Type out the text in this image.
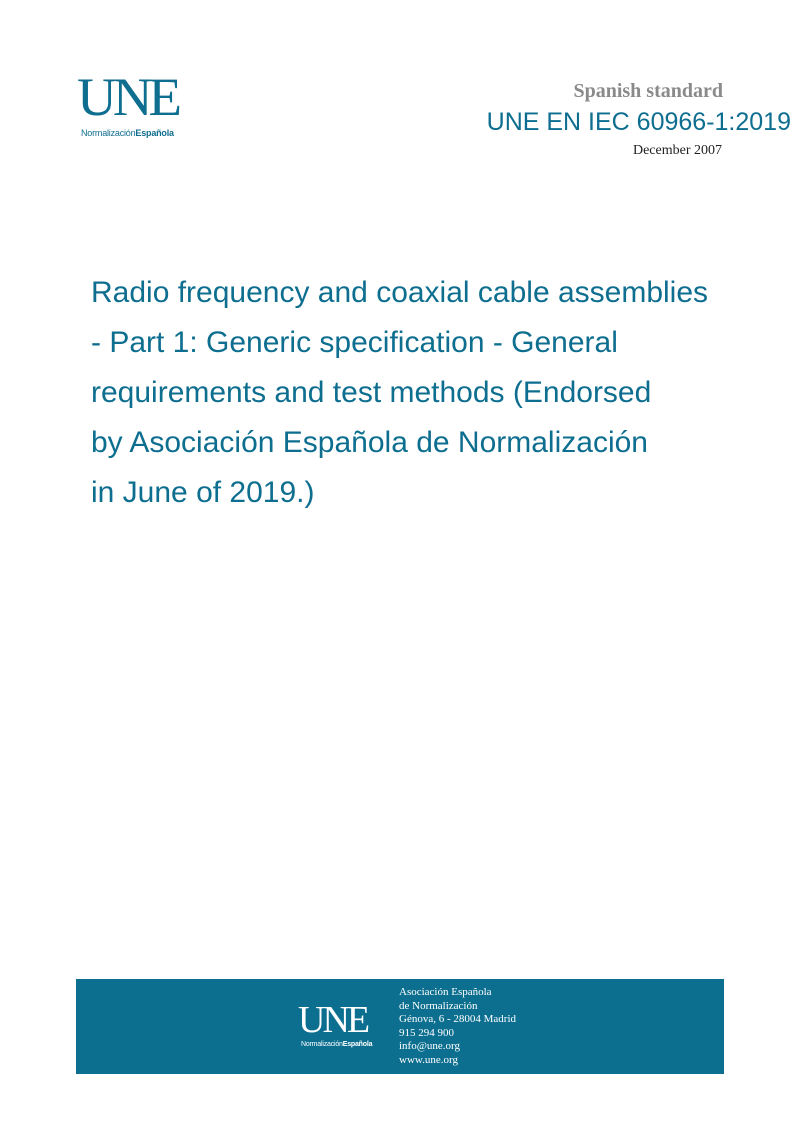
UNE
NormalizaciónEspañola
Spanish standard
UNE EN IEC 60966-1:2019
December 2007
Radio frequency and coaxial cable assemblies
- Part 1: Generic specification - General
requirements and test methods (Endorsed
by Asociación Española de Normalización
in June of 2019.)
UNE
NormalizaciónEspañola
Asociación Española
de Normalización
Génova, 6 - 28004 Madrid
915 294 900
info@une.org
www.une.org
